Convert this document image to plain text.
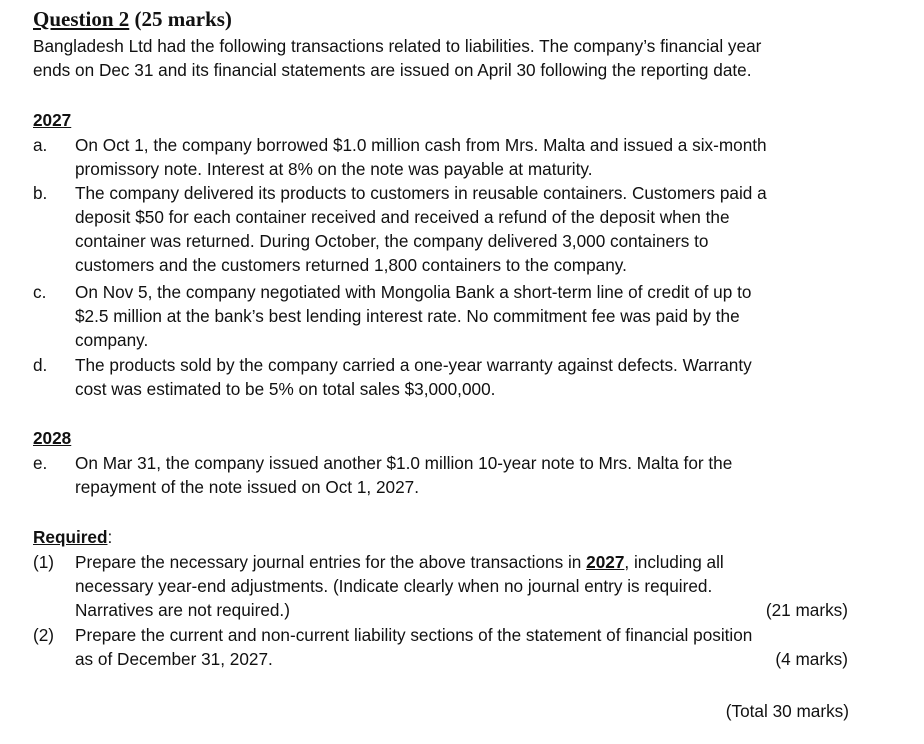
Question 2 (25 marks)
Bangladesh Ltd had the following transactions related to liabilities. The company’s financial year
ends on Dec 31 and its financial statements are issued on April 30 following the reporting date.
2027
a. On Oct 1, the company borrowed $1.0 million cash from Mrs. Malta and issued a six-month
promissory note. Interest at 8% on the note was payable at maturity.
b. The company delivered its products to customers in reusable containers. Customers paid a
deposit $50 for each container received and received a refund of the deposit when the
container was returned. During October, the company delivered 3,000 containers to
customers and the customers returned 1,800 containers to the company.
c. On Nov 5, the company negotiated with Mongolia Bank a short-term line of credit of up to
$2.5 million at the bank’s best lending interest rate. No commitment fee was paid by the
company.
d. The products sold by the company carried a one-year warranty against defects. Warranty
cost was estimated to be 5% on total sales $3,000,000.
2028
e. On Mar 31, the company issued another $1.0 million 10-year note to Mrs. Malta for the
repayment of the note issued on Oct 1, 2027.
Required:
(1) Prepare the necessary journal entries for the above transactions in 2027, including all
necessary year-end adjustments. (Indicate clearly when no journal entry is required.
Narratives are not required.)	(21 marks)
(2) Prepare the current and non-current liability sections of the statement of financial position
as of December 31, 2027.	(4 marks)
(Total 30 marks)
